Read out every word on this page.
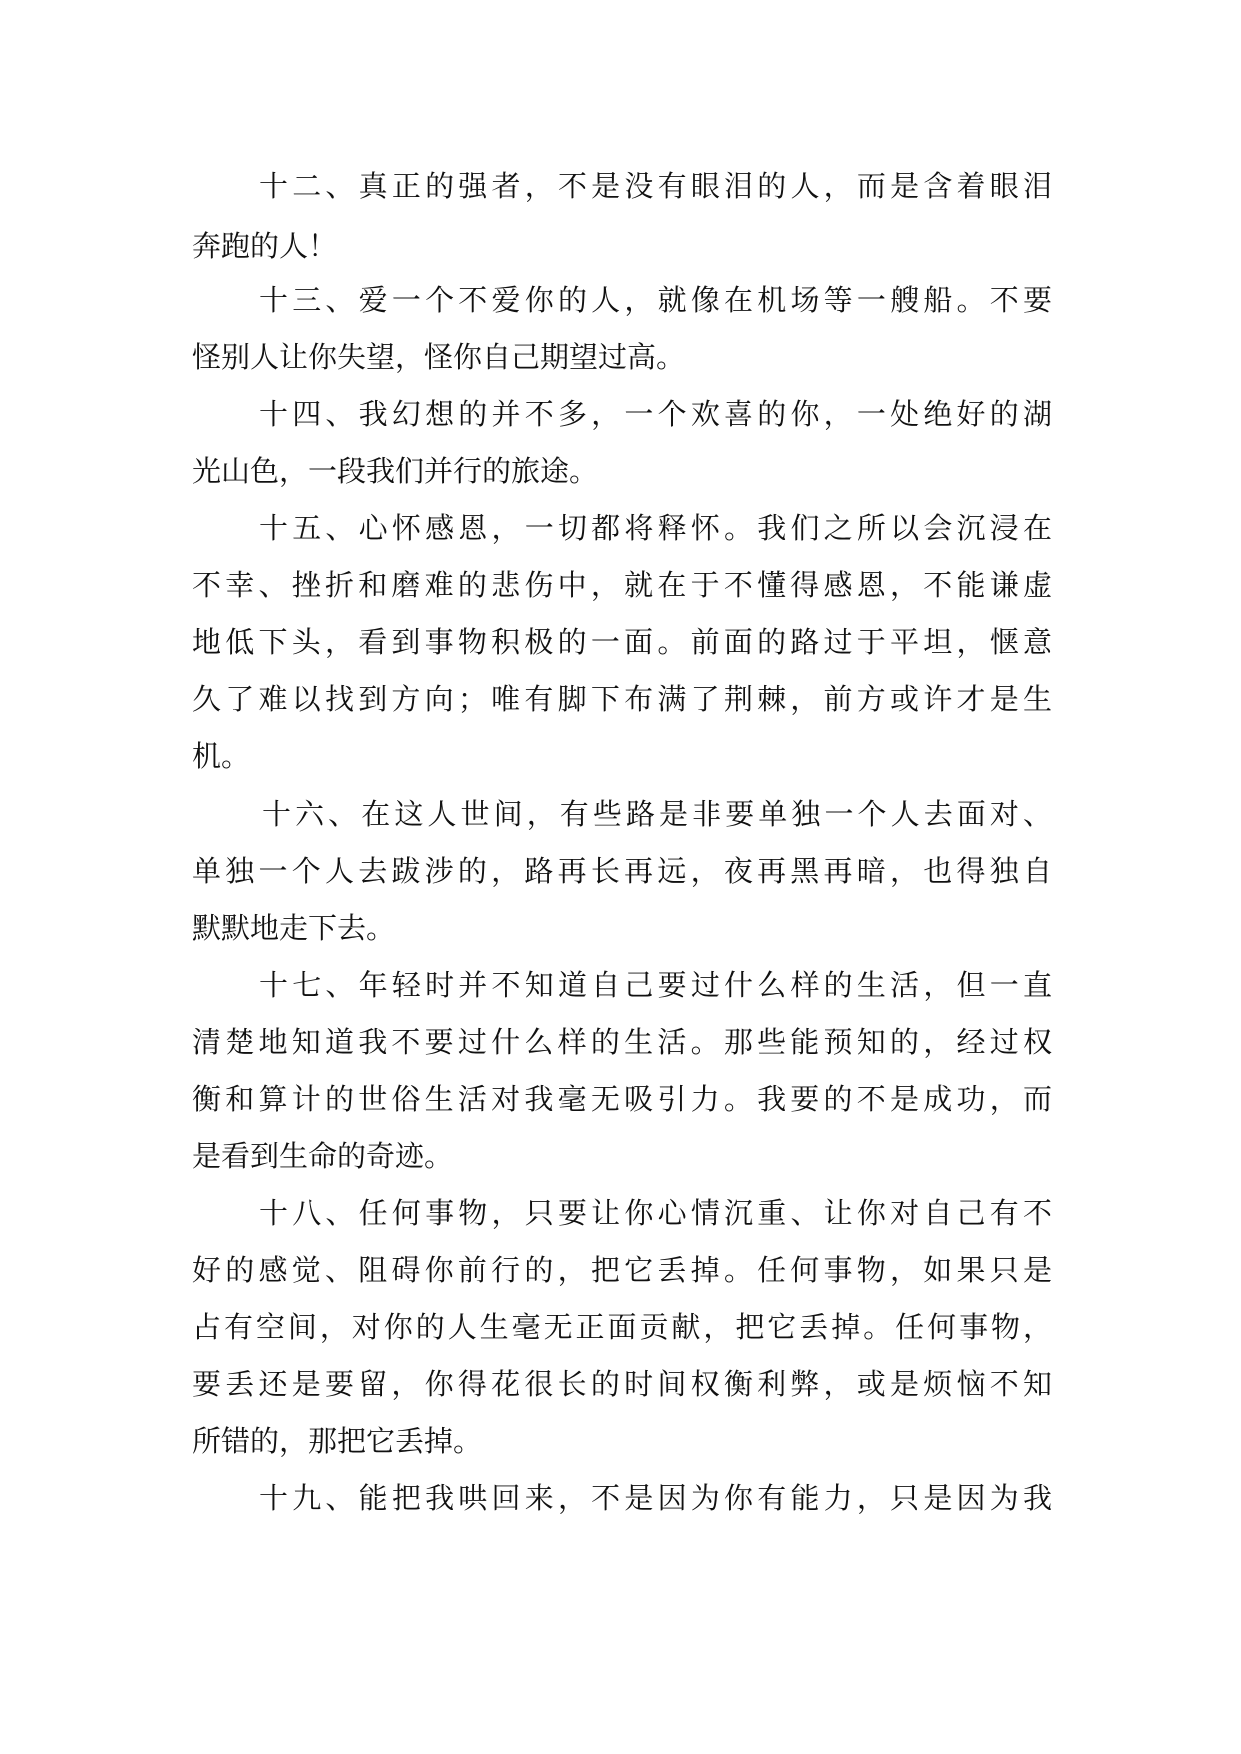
十二、真正的强者，不是没有眼泪的人，而是含着眼泪
奔跑的人！
十三、爱一个不爱你的人，就像在机场等一艘船。不要
怪别人让你失望，怪你自己期望过高。
十四、我幻想的并不多，一个欢喜的你，一处绝好的湖
光山色，一段我们并行的旅途。
十五、心怀感恩，一切都将释怀。我们之所以会沉浸在
不幸、挫折和磨难的悲伤中，就在于不懂得感恩，不能谦虚
地低下头，看到事物积极的一面。前面的路过于平坦，惬意
久了难以找到方向；唯有脚下布满了荆棘，前方或许才是生
机。
十六、在这人世间，有些路是非要单独一个人去面对、
单独一个人去跋涉的，路再长再远，夜再黑再暗，也得独自
默默地走下去。
十七、年轻时并不知道自己要过什么样的生活，但一直
清楚地知道我不要过什么样的生活。那些能预知的，经过权
衡和算计的世俗生活对我毫无吸引力。我要的不是成功，而
是看到生命的奇迹。
十八、任何事物，只要让你心情沉重、让你对自己有不
好的感觉、阻碍你前行的，把它丢掉。任何事物，如果只是
占有空间，对你的人生毫无正面贡献，把它丢掉。任何事物，
要丢还是要留，你得花很长的时间权衡利弊，或是烦恼不知
所错的，那把它丢掉。
十九、能把我哄回来，不是因为你有能力，只是因为我
